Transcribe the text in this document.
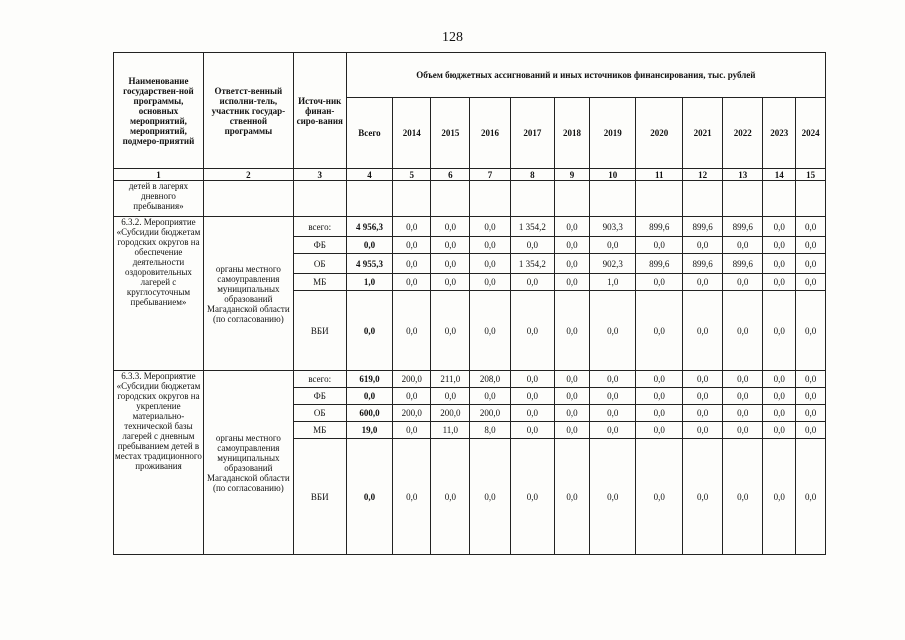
128
Наименование государствен-ной программы, основных мероприятий, мероприятий, подмеро-приятий	Ответст-венный исполни-тель, участник государ-ственной программы	Источ-ник финан-сиро-вания	Объем бюджетных ассигнований и иных источников финансирования, тыс. рублей											
			Всего	2014	2015	2016	2017	2018	2019	2020	2021	2022	2023	2024
1	2	3	4	5	6	7	8	9	10	11	12	13	14	15
детей в лагерях дневного пребывания»														
6.3.2. Мероприятие «Субсидии бюджетам городских округов на обеспечение деятельности оздоровительных лагерей с круглосуточным пребыванием»	органы местного самоуправления муниципальных образований Магаданской области (по согласованию)	всего:	4 956,3	0,0	0,0	0,0	1 354,2	0,0	903,3	899,6	899,6	899,6	0,0	0,0
		ФБ	0,0	0,0	0,0	0,0	0,0	0,0	0,0	0,0	0,0	0,0	0,0	0,0
		ОБ	4 955,3	0,0	0,0	0,0	1 354,2	0,0	902,3	899,6	899,6	899,6	0,0	0,0
		МБ	1,0	0,0	0,0	0,0	0,0	0,0	1,0	0,0	0,0	0,0	0,0	0,0
		ВБИ	0,0	0,0	0,0	0,0	0,0	0,0	0,0	0,0	0,0	0,0	0,0	0,0
6.3.3. Мероприятие «Субсидии бюджетам городских округов на укрепление материально-технической базы лагерей с дневным пребыванием детей в местах традиционного проживания	органы местного самоуправления муниципальных образований Магаданской области (по согласованию)	всего:	619,0	200,0	211,0	208,0	0,0	0,0	0,0	0,0	0,0	0,0	0,0	0,0
		ФБ	0,0	0,0	0,0	0,0	0,0	0,0	0,0	0,0	0,0	0,0	0,0	0,0
		ОБ	600,0	200,0	200,0	200,0	0,0	0,0	0,0	0,0	0,0	0,0	0,0	0,0
		МБ	19,0	0,0	11,0	8,0	0,0	0,0	0,0	0,0	0,0	0,0	0,0	0,0
		ВБИ	0,0	0,0	0,0	0,0	0,0	0,0	0,0	0,0	0,0	0,0	0,0	0,0
